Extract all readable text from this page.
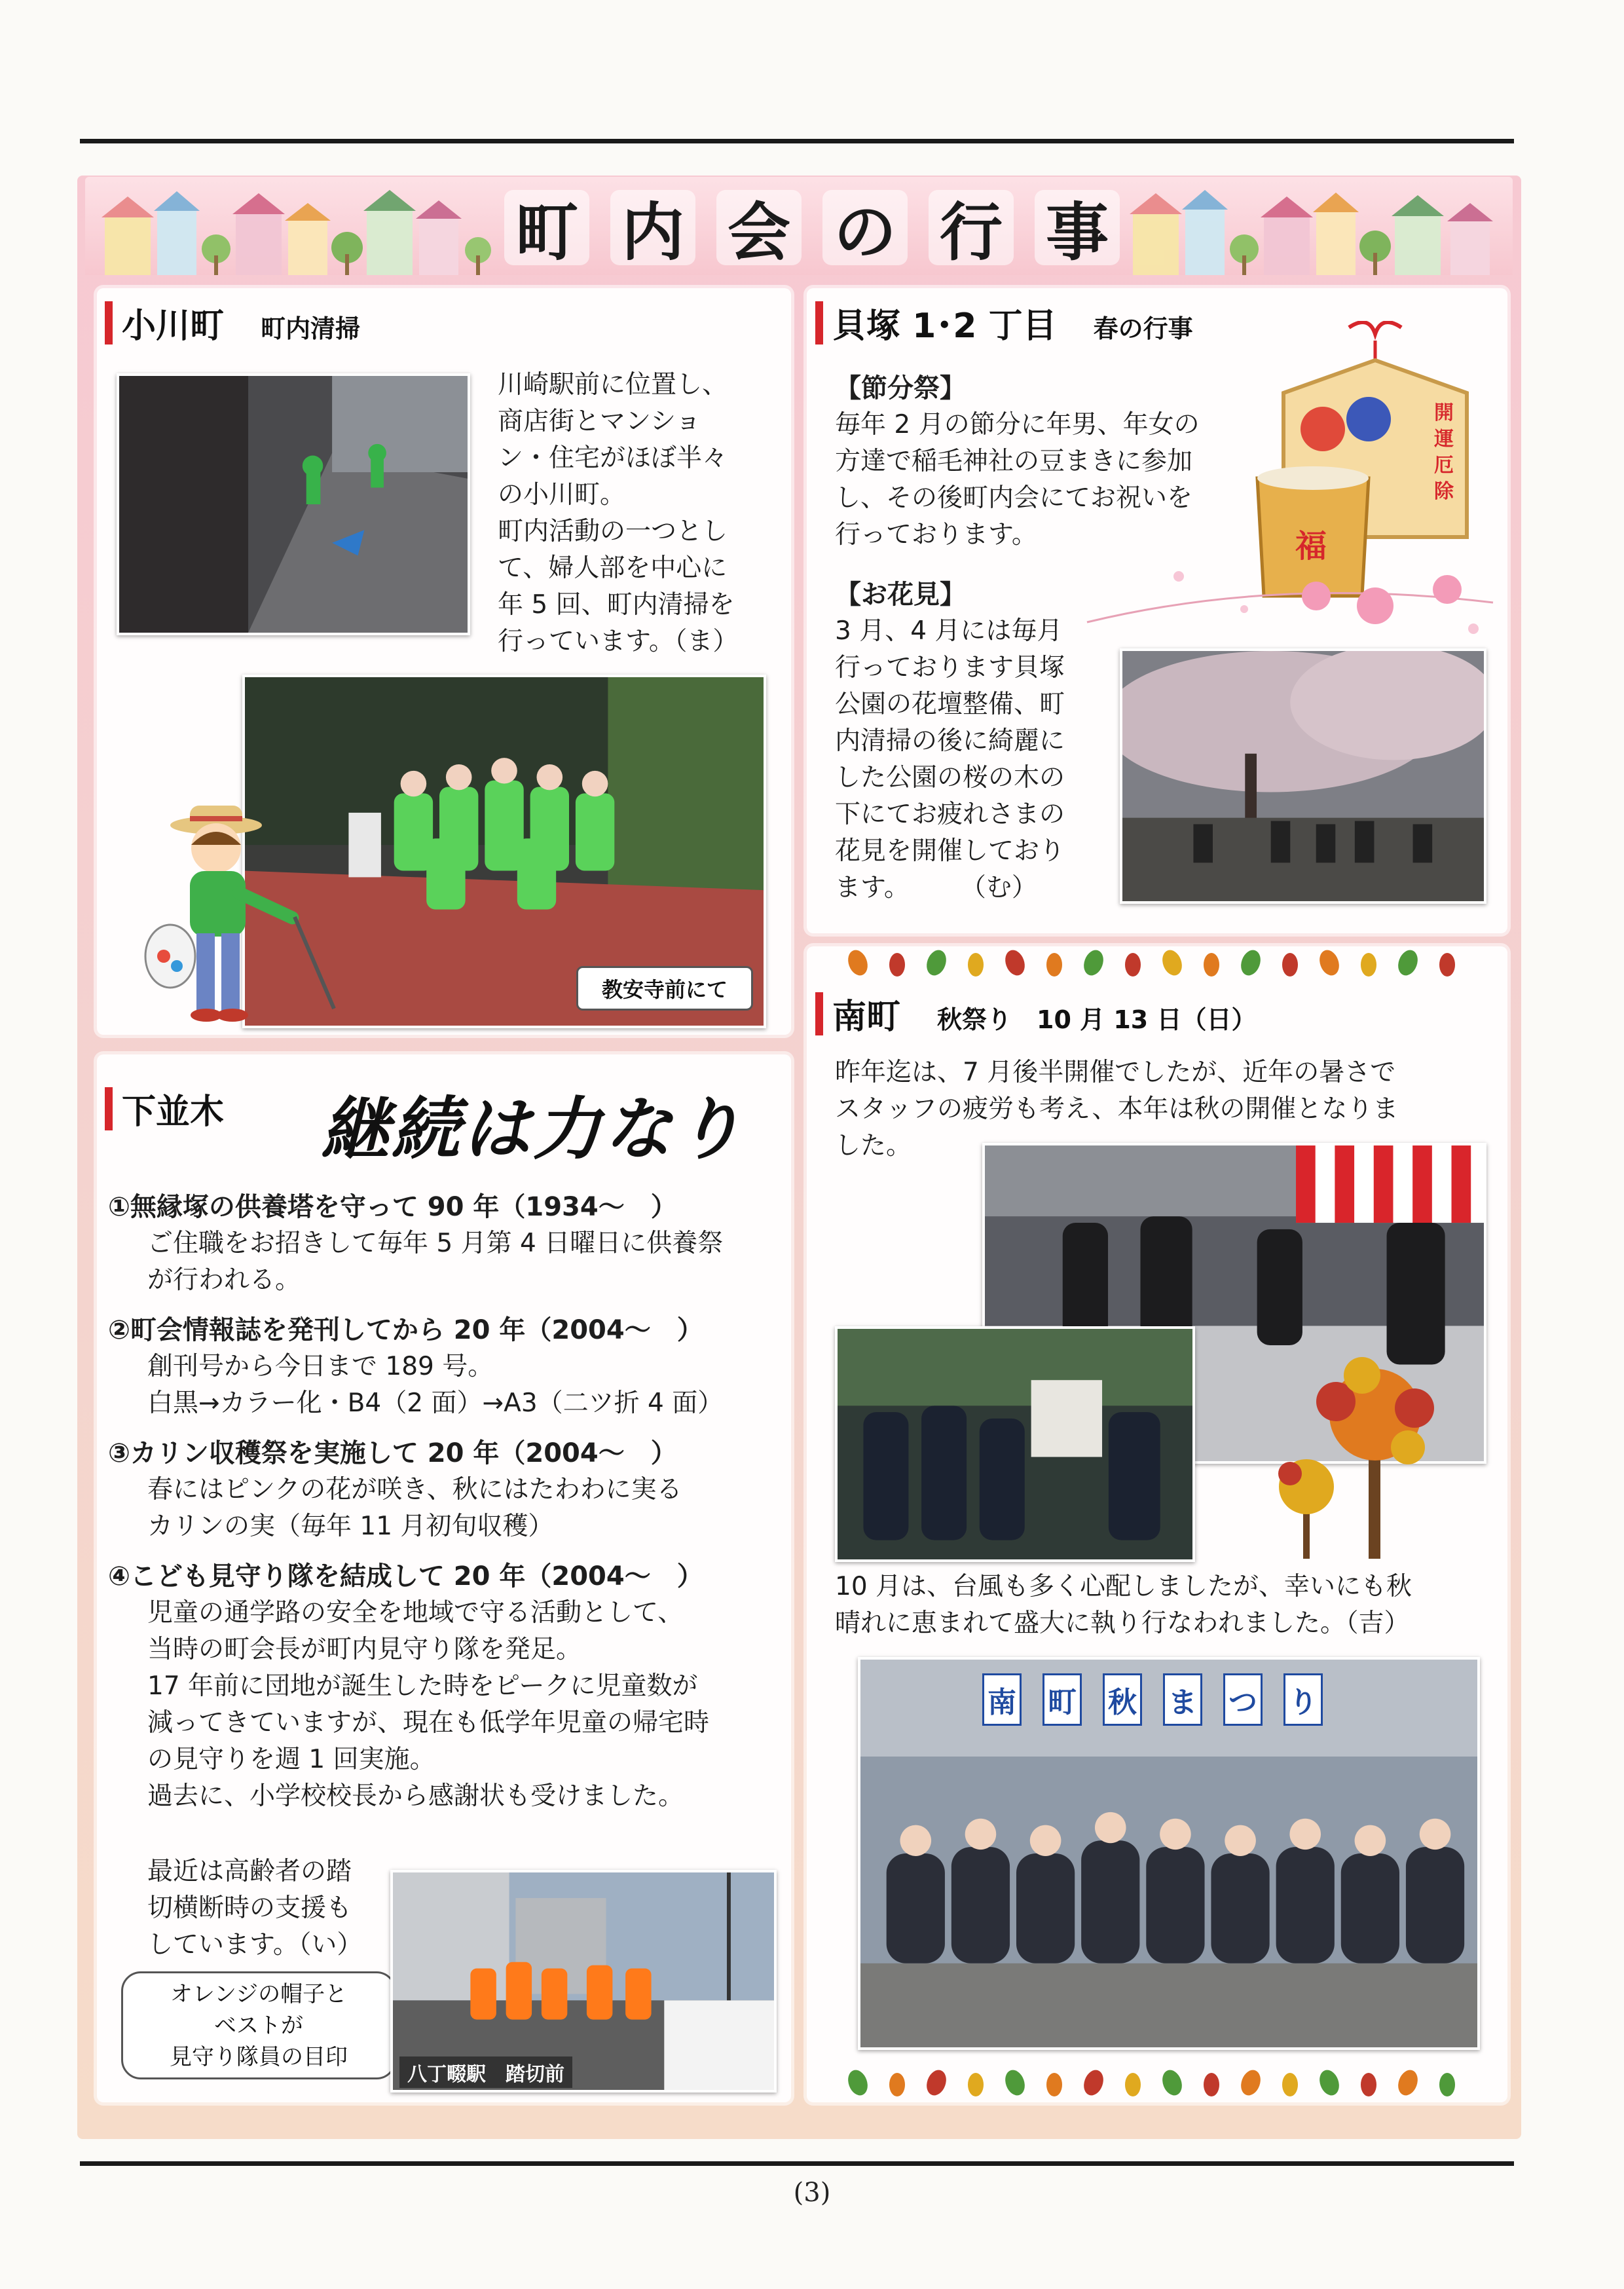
町 内 会 の 行 事
小川町 町内清掃

川崎駅前に位置し、

商店街とマンショ

ン・住宅がほぼ半々

の小川町。

町内活動の一つとし

て、婦人部を中心に

年 5 回、町内清掃を

行っています。（ま）

教安寺前にて
貝塚 1･2 丁目 春の行事

【節分祭】

毎年 2 月の節分に年男、年女の

方達で稲毛神社の豆まきに参加

し、その後町内会にてお祝いを

行っております。

開
運
厄
除
福

【お花見】

3 月、4 月には毎月

行っております貝塚

公園の花壇整備、町

内清掃の後に綺麗に

した公園の桜の木の

下にてお疲れさまの

花見を開催しており

ます。　　　（む）

下並木 継続は力なり

①無縁塚の供養塔を守って 90 年（1934～　）

ご住職をお招きして毎年 5 月第 4 日曜日に供養祭

が行われる。

②町会情報誌を発刊してから 20 年（2004～　）

創刊号から今日まで 189 号。

白黒→カラー化・B4（2 面）→A3（二ツ折 4 面）

③カリン収穫祭を実施して 20 年（2004～　）

春にはピンクの花が咲き、秋にはたわわに実る

カリンの実（毎年 11 月初旬収穫）

④こども見守り隊を結成して 20 年（2004～　）

児童の通学路の安全を地域で守る活動として、

当時の町会長が町内見守り隊を発足。

17 年前に団地が誕生した時をピークに児童数が

減ってきていますが、現在も低学年児童の帰宅時

の見守りを週 1 回実施。

過去に、小学校校長から感謝状も受けました。

最近は高齢者の踏

切横断時の支援も

しています。（い）

オレンジの帽子と
ベストが
見守り隊員の目印
八丁畷駅　踏切前
南町 秋祭り　10 月 13 日（日）

昨年迄は、7 月後半開催でしたが、近年の暑さで

スタッフの疲労も考え、本年は秋の開催となりま

した。

10 月は、台風も多く心配しましたが、幸いにも秋

晴れに恵まれて盛大に執り行なわれました。（吉）

南 町 秋 ま つ り
(3)
